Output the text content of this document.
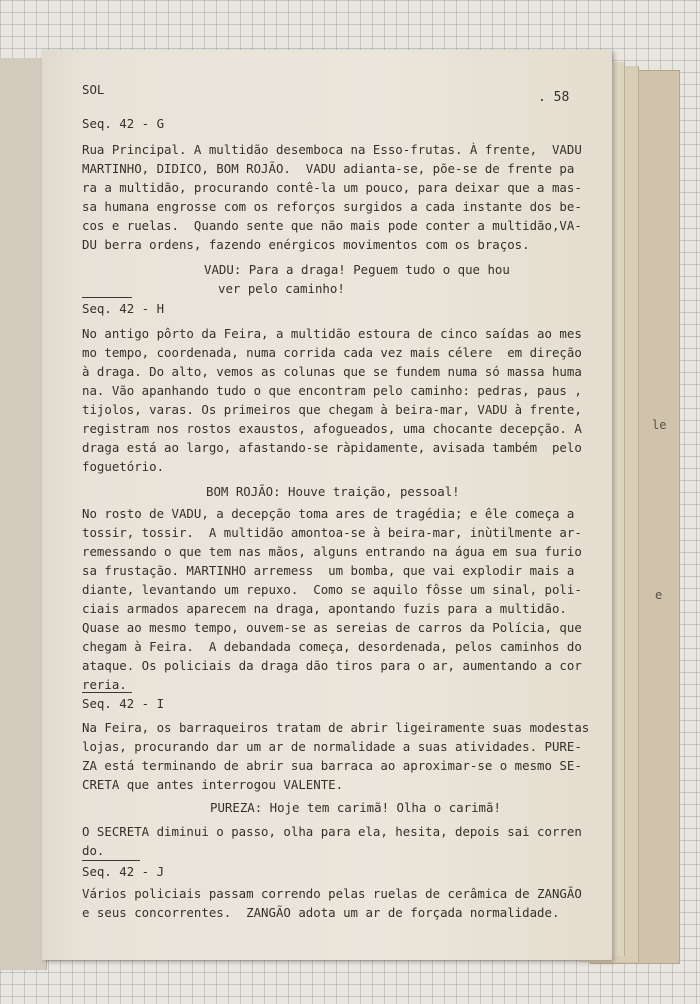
le
e
SOL
. 58
Seq. 42 - G
Rua Principal. A multidão desemboca na Esso-frutas. À frente,  VADU
MARTINHO, DIDICO, BOM ROJÃO.  VADU adianta-se, põe-se de frente pa
ra a multidão, procurando contê-la um pouco, para deixar que a mas-
sa humana engrosse com os reforços surgidos a cada instante dos be-
cos e ruelas.  Quando sente que não mais pode conter a multidão,VA-
DU berra ordens, fazendo enérgicos movimentos com os braços.
VADU: Para a draga! Peguem tudo o que hou
ver pelo caminho!
Seq. 42 - H
No antigo pôrto da Feira, a multidão estoura de cinco saídas ao mes
mo tempo, coordenada, numa corrida cada vez mais célere  em direção
à draga. Do alto, vemos as colunas que se fundem numa só massa huma
na. Vão apanhando tudo o que encontram pelo caminho: pedras, paus ,
tijolos, varas. Os primeiros que chegam à beira-mar, VADU à frente,
registram nos rostos exaustos, afogueados, uma chocante decepção. A
draga está ao largo, afastando-se ràpidamente, avisada também  pelo
foguetório.
BOM ROJÃO: Houve traição, pessoal!
No rosto de VADU, a decepção toma ares de tragédia; e êle começa a
tossir, tossir.  A multidão amontoa-se à beira-mar, inùtilmente ar-
remessando o que tem nas mãos, alguns entrando na água em sua furio
sa frustação. MARTINHO arremess  um bomba, que vai explodir mais a
diante, levantando um repuxo.  Como se aquilo fôsse um sinal, poli-
ciais armados aparecem na draga, apontando fuzis para a multidão.
Quase ao mesmo tempo, ouvem-se as sereias de carros da Polícia, que
chegam à Feira.  A debandada começa, desordenada, pelos caminhos do
ataque. Os policiais da draga dão tiros para o ar, aumentando a cor
reria.
Seq. 42 - I
Na Feira, os barraqueiros tratam de abrir ligeiramente suas modestas
lojas, procurando dar um ar de normalidade a suas atividades. PURE-
ZA está terminando de abrir sua barraca ao aproximar-se o mesmo SE-
CRETA que antes interrogou VALENTE.
PUREZA: Hoje tem carimã! Olha o carimã!
O SECRETA diminui o passo, olha para ela, hesita, depois sai corren
do.
Seq. 42 - J
Vários policiais passam correndo pelas ruelas de cerâmica de ZANGÃO
e seus concorrentes.  ZANGÃO adota um ar de forçada normalidade.
